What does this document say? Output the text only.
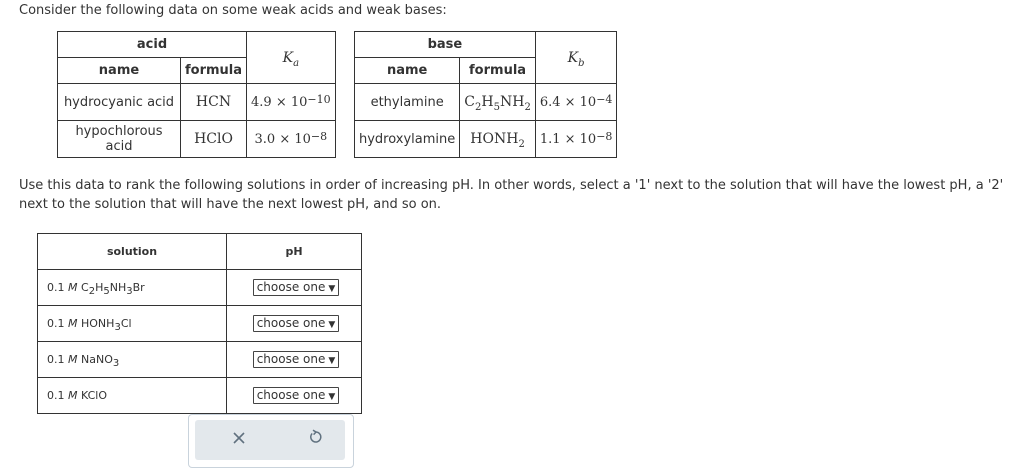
Consider the following data on some weak acids and weak bases:
acid		$K_a$
name	formula	
hydrocyanic acid	HCN	$4.9 \times 10^{-10}$
hypochlorous acid	HClO	$3.0 \times 10^{-8}$
base		$K_b$
name	formula	
ethylamine	$C_2H_5NH_2$	$6.4 \times 10^{-4}$
hydroxylamine	$HONH_2$	$1.1 \times 10^{-8}$
Use this data to rank the following solutions in order of increasing pH. In other words, select a '1' next to the solution that will have the lowest pH, a '2' next to the solution that will have the next lowest pH, and so on.
solution	pH
0.1 M $C_2H_5NH_3Br$	choose one ▼
0.1 M $HONH_3Cl$	choose one ▼
0.1 M NaNO$_3$	choose one ▼
0.1 M KClO	choose one ▼
